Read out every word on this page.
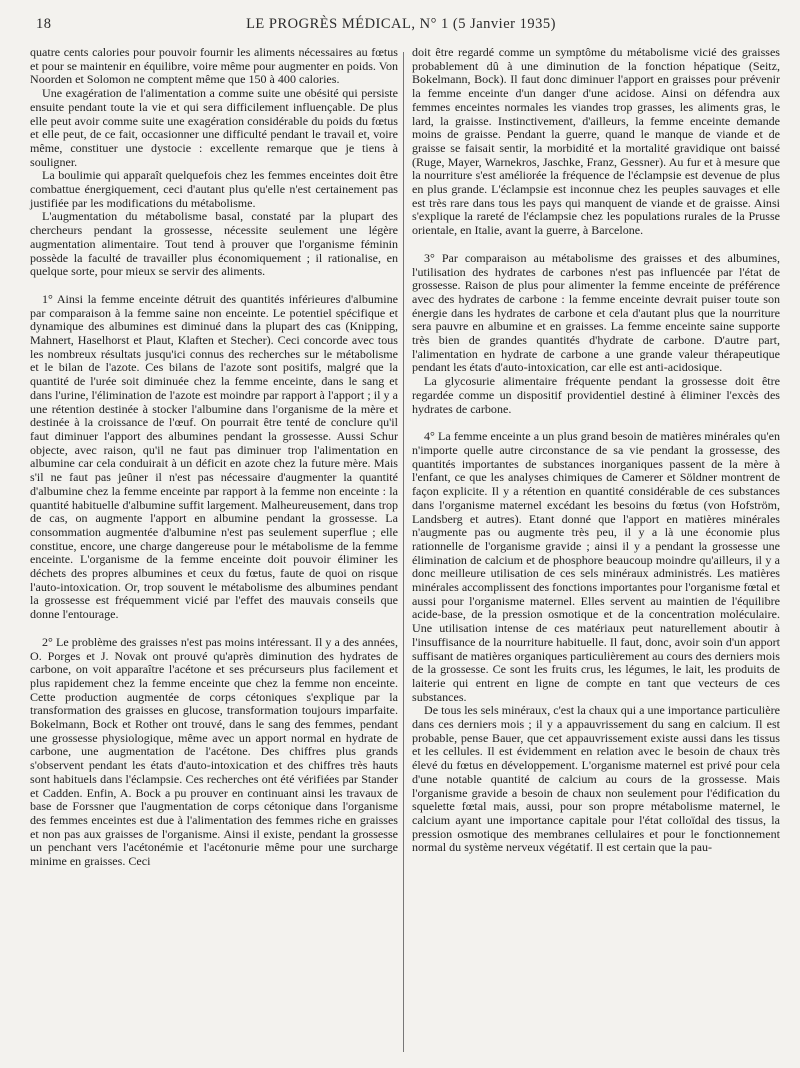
18	LE PROGRÈS MÉDICAL, N° 1 (5 Janvier 1935)

quatre cents calories pour pouvoir fournir les aliments nécessaires au fœtus et pour se maintenir en équilibre, voire même pour augmenter en poids. Von Noorden et Solomon ne comptent même que 150 à 400 calories.

Une exagération de l'alimentation a comme suite une obésité qui persiste ensuite pendant toute la vie et qui sera difficilement influençable. De plus elle peut avoir comme suite une exagération considérable du poids du fœtus et elle peut, de ce fait, occasionner une difficulté pendant le travail et, voire même, constituer une dystocie : excellente remarque que je tiens à souligner.

La boulimie qui apparaît quelquefois chez les femmes enceintes doit être combattue énergiquement, ceci d'autant plus qu'elle n'est certainement pas justifiée par les modifications du métabolisme.

L'augmentation du métabolisme basal, constaté par la plupart des chercheurs pendant la grossesse, nécessite seulement une légère augmentation alimentaire. Tout tend à prouver que l'organisme féminin possède la faculté de travailler plus économiquement ; il rationalise, en quelque sorte, pour mieux se servir des aliments.

1° Ainsi la femme enceinte détruit des quantités inférieures d'albumine par comparaison à la femme saine non enceinte. Le potentiel spécifique et dynamique des albumines est diminué dans la plupart des cas (Knipping, Mahnert, Haselhorst et Plaut, Klaften et Stecher). Ceci concorde avec tous les nombreux résultats jusqu'ici connus des recherches sur le métabolisme et le bilan de l'azote. Ces bilans de l'azote sont positifs, malgré que la quantité de l'urée soit diminuée chez la femme enceinte, dans le sang et dans l'urine, l'élimination de l'azote est moindre par rapport à l'apport ; il y a une rétention destinée à stocker l'albumine dans l'organisme de la mère et destinée à la croissance de l'œuf. On pourrait être tenté de conclure qu'il faut diminuer l'apport des albumines pendant la grossesse. Aussi Schur objecte, avec raison, qu'il ne faut pas diminuer trop l'alimentation en albumine car cela conduirait à un déficit en azote chez la future mère. Mais s'il ne faut pas jeûner il n'est pas nécessaire d'augmenter la quantité d'albumine chez la femme enceinte par rapport à la femme non enceinte : la quantité habituelle d'albumine suffit largement. Malheureusement, dans trop de cas, on augmente l'apport en albumine pendant la grossesse. La consommation augmentée d'albumine n'est pas seulement superflue ; elle constitue, encore, une charge dangereuse pour le métabolisme de la femme enceinte. L'organisme de la femme enceinte doit pouvoir éliminer les déchets des propres albumines et ceux du fœtus, faute de quoi on risque l'auto-intoxication. Or, trop souvent le métabolisme des albumines pendant la grossesse est fréquemment vicié par l'effet des mauvais conseils que donne l'entourage.

2° Le problème des graisses n'est pas moins intéressant. Il y a des années, O. Porges et J. Novak ont prouvé qu'après diminution des hydrates de carbone, on voit apparaître l'acétone et ses précurseurs plus facilement et plus rapidement chez la femme enceinte que chez la femme non enceinte. Cette production augmentée de corps cétoniques s'explique par la transformation des graisses en glucose, transformation toujours imparfaite. Bokelmann, Bock et Rother ont trouvé, dans le sang des femmes, pendant une grossesse physiologique, même avec un apport normal en hydrate de carbone, une augmentation de l'acétone. Des chiffres plus grands s'observent pendant les états d'auto-intoxication et des chiffres très hauts sont habituels dans l'éclampsie. Ces recherches ont été vérifiées par Stander et Cadden. Enfin, A. Bock a pu prouver en continuant ainsi les travaux de base de Forssner que l'augmentation de corps cétonique dans l'organisme des femmes enceintes est due à l'alimentation des femmes riche en graisses et non pas aux graisses de l'organisme. Ainsi il existe, pendant la grossesse un penchant vers l'acétonémie et l'acétonurie même pour une surcharge minime en graisses. Ceci

doit être regardé comme un symptôme du métabolisme vicié des graisses probablement dû à une diminution de la fonction hépatique (Seitz, Bokelmann, Bock). Il faut donc diminuer l'apport en graisses pour prévenir la femme enceinte d'un danger d'une acidose. Ainsi on défendra aux femmes enceintes normales les viandes trop grasses, les aliments gras, le lard, la graisse. Instinctivement, d'ailleurs, la femme enceinte demande moins de graisse. Pendant la guerre, quand le manque de viande et de graisse se faisait sentir, la morbidité et la mortalité gravidique ont baissé (Ruge, Mayer, Warnekros, Jaschke, Franz, Gessner). Au fur et à mesure que la nourriture s'est améliorée la fréquence de l'éclampsie est devenue de plus en plus grande. L'éclampsie est inconnue chez les peuples sauvages et elle est très rare dans tous les pays qui manquent de viande et de graisse. Ainsi s'explique la rareté de l'éclampsie chez les populations rurales de la Prusse orientale, en Italie, avant la guerre, à Barcelone.

3° Par comparaison au métabolisme des graisses et des albumines, l'utilisation des hydrates de carbones n'est pas influencée par l'état de grossesse. Raison de plus pour alimenter la femme enceinte de préférence avec des hydrates de carbone : la femme enceinte devrait puiser toute son énergie dans les hydrates de carbone et cela d'autant plus que la nourriture sera pauvre en albumine et en graisses. La femme enceinte saine supporte très bien de grandes quantités d'hydrate de carbone. D'autre part, l'alimentation en hydrate de carbone a une grande valeur thérapeutique pendant les états d'auto-intoxication, car elle est anti-acidosique.

La glycosurie alimentaire fréquente pendant la grossesse doit être regardée comme un dispositif providentiel destiné à éliminer l'excès des hydrates de carbone.

4° La femme enceinte a un plus grand besoin de matières minérales qu'en n'importe quelle autre circonstance de sa vie pendant la grossesse, des quantités importantes de substances inorganiques passent de la mère à l'enfant, ce que les analyses chimiques de Camerer et Söldner montrent de façon explicite. Il y a rétention en quantité considérable de ces substances dans l'organisme maternel excédant les besoins du fœtus (von Hofström, Landsberg et autres). Etant donné que l'apport en matières minérales n'augmente pas ou augmente très peu, il y a là une économie plus rationnelle de l'organisme gravide ; ainsi il y a pendant la grossesse une élimination de calcium et de phosphore beaucoup moindre qu'ailleurs, il y a donc meilleure utilisation de ces sels minéraux administrés. Les matières minérales accomplissent des fonctions importantes pour l'organisme fœtal et aussi pour l'organisme maternel. Elles servent au maintien de l'équilibre acide-base, de la pression osmotique et de la concentration moléculaire. Une utilisation intense de ces matériaux peut naturellement aboutir à l'insuffisance de la nourriture habituelle. Il faut, donc, avoir soin d'un apport suffisant de matières organiques particulièrement au cours des derniers mois de la grossesse. Ce sont les fruits crus, les légumes, le lait, les produits de laiterie qui entrent en ligne de compte en tant que vecteurs de ces substances.

De tous les sels minéraux, c'est la chaux qui a une importance particulière dans ces derniers mois ; il y a appauvrissement du sang en calcium. Il est probable, pense Bauer, que cet appauvrissement existe aussi dans les tissus et les cellules. Il est évidemment en relation avec le besoin de chaux très élevé du fœtus en développement. L'organisme maternel est privé pour cela d'une notable quantité de calcium au cours de la grossesse. Mais l'organisme gravide a besoin de chaux non seulement pour l'édification du squelette fœtal mais, aussi, pour son propre métabolisme maternel, le calcium ayant une importance capitale pour l'état colloïdal des tissus, la pression osmotique des membranes cellulaires et pour le fonctionnement normal du système nerveux végétatif. Il est certain que la pau-
